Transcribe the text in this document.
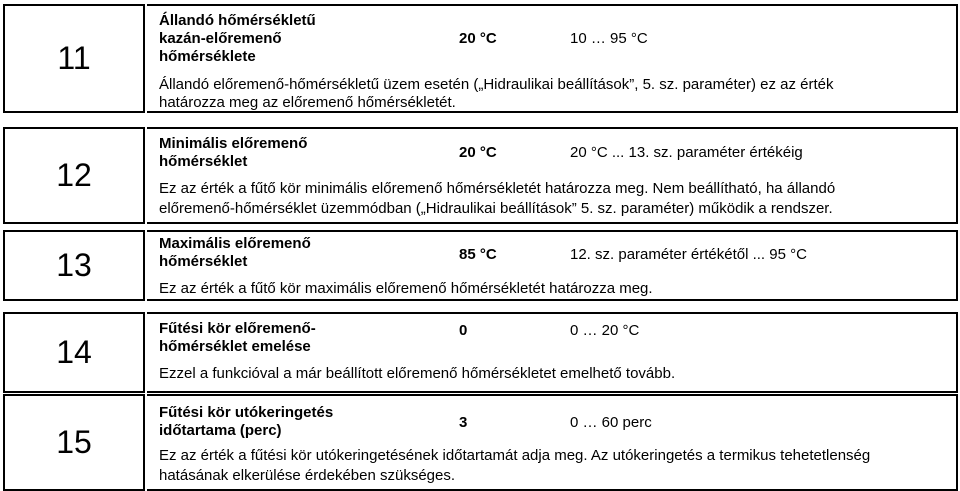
11
Állandó hőmérsékletű
kazán-előremenő
hőmérséklete
20 °C	10 … 95 °C
Állandó előremenő-hőmérsékletű üzem esetén („Hidraulikai beállítások”, 5. sz. paraméter) ez az érték
határozza meg az előremenő hőmérsékletét.
12
Minimális előremenő
hőmérséklet
20 °C	20 °C ... 13. sz. paraméter értékéig
Ez az érték a fűtő kör minimális előremenő hőmérsékletét határozza meg. Nem beállítható, ha állandó
előremenő-hőmérséklet üzemmódban („Hidraulikai beállítások” 5. sz. paraméter) működik a rendszer.
13
Maximális előremenő
hőmérséklet	85 °C	12. sz. paraméter értékétől ... 95 °C
Ez az érték a fűtő kör maximális előremenő hőmérsékletét határozza meg.
14
Fűtési kör előremenő-
hőmérséklet emelése
0	0 … 20 °C
Ezzel a funkcióval a már beállított előremenő hőmérsékletet emelhető tovább.
15
Fűtési kör utókeringetés
időtartama (perc)	3	0 … 60 perc
Ez az érték a fűtési kör utókeringetésének időtartamát adja meg. Az utókeringetés a termikus tehetetlenség
hatásának elkerülése érdekében szükséges.
